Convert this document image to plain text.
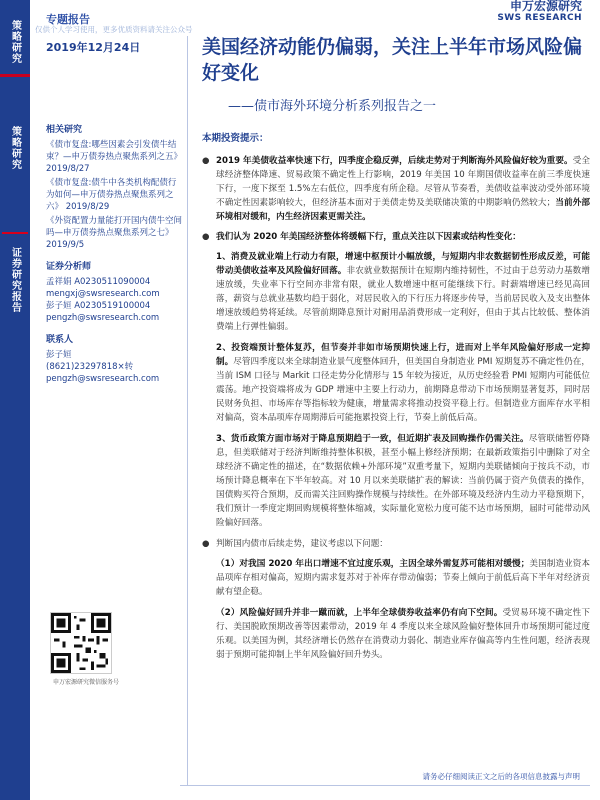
策略研究
策略研究
证券研究报告
专题报告
仅供个人学习使用，更多优质资料请关注公众号
2019年12月24日
申万宏源研究
SWS RESEARCH
美国经济动能仍偏弱，关注上半年市场风险偏好变化
——债市海外环境分析系列报告之一
相关研究
《债市复盘:哪些因素会引发债牛结束？—申万债券热点聚焦系列之五》 2019/8/27
《债市复盘:债牛中各类机构配债行为如何—申万债券热点聚焦系列之六》 2019/8/29
《外资配置力量能打开国内债牛空间吗—申万债券热点聚焦系列之七》 2019/9/5
证券分析师
孟祥娟 A0230511090004
mengxj@swsresearch.com
彭子姮 A0230519100004
pengzh@swsresearch.com
联系人
彭子姮
(8621)23297818×转
pengzh@swsresearch.com
申万宏源研究微信服务号
本期投资提示：
● 2019 年美债收益率快速下行，四季度企稳反弹，后续走势对于判断海外风险偏好较为重要。受全球经济整体降速、贸易政策不确定性上行影响，2019 年美国 10 年期国债收益率在前三季度快速下行，一度下探至 1.5%左右低位，四季度有所企稳。尽管从节奏看，美债收益率波动受外部环境不确定性因素影响较大，但经济基本面对于美债走势及美联储决策的中期影响仍然较大；当前外部环境相对缓和，内生经济因素更需关注。
● 我们认为 2020 年美国经济整体将缓幅下行，重点关注以下因素或结构性变化：
1、消费及就业端上行动力有限，增速中枢预计小幅放缓，与短期内非农数据韧性形成反差，可能带动美债收益率及风险偏好回落。非农就业数据预计在短期内维持韧性，不过由于总劳动力基数增速放缓，失业率下行空间亦非常有限，就业人数增速中枢可能继续下行。时薪端增速已经见高回落，薪资与总就业基数均趋于弱化，对居民收入的下行压力将逐步传导，当前居民收入及支出整体增速放缓趋势将延续。尽管前期降息预计对耐用品消费形成一定利好，但由于其占比较低、整体消费端上行弹性偏弱。
2、投资端预计整体复苏，但节奏并非如市场预期快速上行，进而对上半年风险偏好形成一定抑制。尽管四季度以来全球制造业景气度整体回升，但美国自身制造业 PMI 短期复苏不确定性仍在，当前 ISM 口径与 Markit 口径走势分化情形与 15 年较为接近，从历史经验看 PMI 短期内可能低位震荡。地产投资端将成为 GDP 增速中主要上行动力，前期降息带动下市场预期显著复苏，同时居民财务负担、市场库存等指标较为健康，增量需求将推动投资平稳上行。但制造业方面库存水平相对偏高，资本品项库存周期滞后可能拖累投资上行，节奏上前低后高。
3、货币政策方面市场对于降息预期趋于一致，但近期扩表及回购操作仍需关注。尽管联储暂停降息，但美联储对于经济判断维持整体积极，甚至小幅上修经济预期；在最新政策指引中删除了对全球经济不确定性的描述，在“数据依赖+外部环境”双重考量下，短期内美联储倾向于按兵不动，市场预计降息概率在下半年较高。对 10 月以来美联储扩表的解读：当前仍属于资产负债表的操作，国债购买符合预期，反而需关注回购操作规模与持续性。在外部环境及经济内生动力平稳预期下，我们预计一季度定期回购规模将整体缩减，实际量化宽松力度可能不达市场预期，届时可能带动风险偏好回落。
● 判断国内债市后续走势，建议考虑以下问题：
（1）对我国 2020 年出口增速不宜过度乐观，主因全球外需复苏可能相对缓慢；美国制造业资本品项库存相对偏高，短期内需求复苏对于补库存带动偏弱；节奏上倾向于前低后高下半年对经济贡献有望企稳。
（2）风险偏好回升并非一蹴而就，上半年全球债券收益率仍有向下空间。受贸易环境不确定性下行、美国脱欧预期改善等因素带动，2019 年 4 季度以来全球风险偏好整体回升市场预期可能过度乐观。以美国为例，其经济增长仍然存在消费动力弱化、制造业库存偏高等内生性问题，经济表现弱于预期可能抑制上半年风险偏好回升势头。
请务必仔细阅读正文之后的各项信息披露与声明
